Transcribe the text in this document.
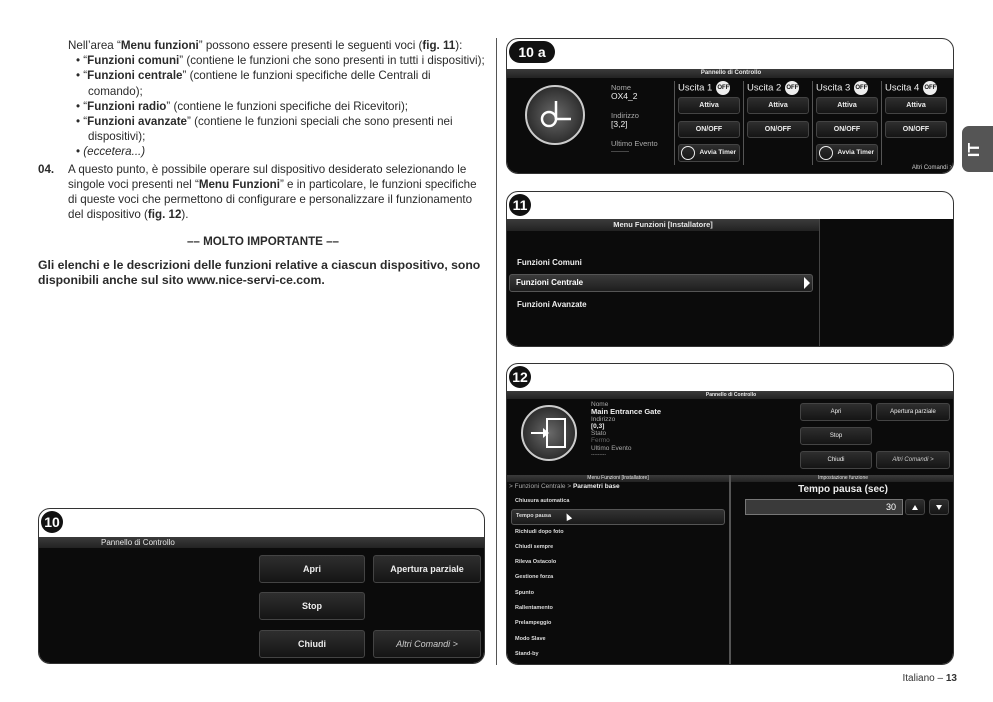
Nell’area “Menu funzioni” possono essere presenti le seguenti voci (fig. 11):

• “Funzioni comuni” (contiene le funzioni che sono presenti in tutti i dispositivi);

• “Funzioni centrale” (contiene le funzioni specifiche delle Centrali di comando);

• “Funzioni radio” (contiene le funzioni specifiche dei Ricevitori);

• “Funzioni avanzate” (contiene le funzioni speciali che sono presenti nei dispositivi);

• (eccetera...)

04. A questo punto, è possibile operare sul dispositivo desiderato selezionando le singole voci presenti nel “Menu Funzioni” e in particolare, le funzioni specifiche di queste voci che permettono di configurare e personalizzare il funzionamento del dispositivo (fig. 12).

–– MOLTO IMPORTANTE ––

Gli elenchi e le descrizioni delle funzioni relative a ciascun dispositivo, sono disponibili anche sul sito www.nice-servi-ce.com.

10
Pannello di Controllo
Apri	Apertura parziale
Stop
Chiudi	Altri Comandi >
10 a
Pannello di Controllo
Nome
OX4_2
Indirizzo
[3,2]
Ultimo Evento
---------
Uscita 1 OFF
Attiva
ON/OFF
Avvia Timer
Uscita 2 OFF
Attiva
ON/OFF
Uscita 3 OFF
Attiva
ON/OFF
Avvia Timer
Uscita 4 OFF
Attiva
ON/OFF
Altri Comandi >
11
Menu Funzioni [Installatore]
Funzioni Comuni
Funzioni Centrale
Funzioni Avanzate
12
Pannello di Controllo
Nome
Main Entrance Gate
Indirizzo
[0,3]
Stato
Fermo
Ultimo Evento
---------
Apri	Apertura parziale
Stop
Chiudi	Altri Comandi >
Menu Funzioni [Installatore]	Impostazione funzione
> Funzioni Centrale > Parametri base
Chiusura automatica
Tempo pausa
Richiudi dopo foto
Chiudi sempre
Rileva Ostacolo
Gestione forza
Spunto
Rallentamento
Prelampeggio
Modo Slave
Stand-by
Tempo pausa (sec)
30
IT
Italiano – 13
